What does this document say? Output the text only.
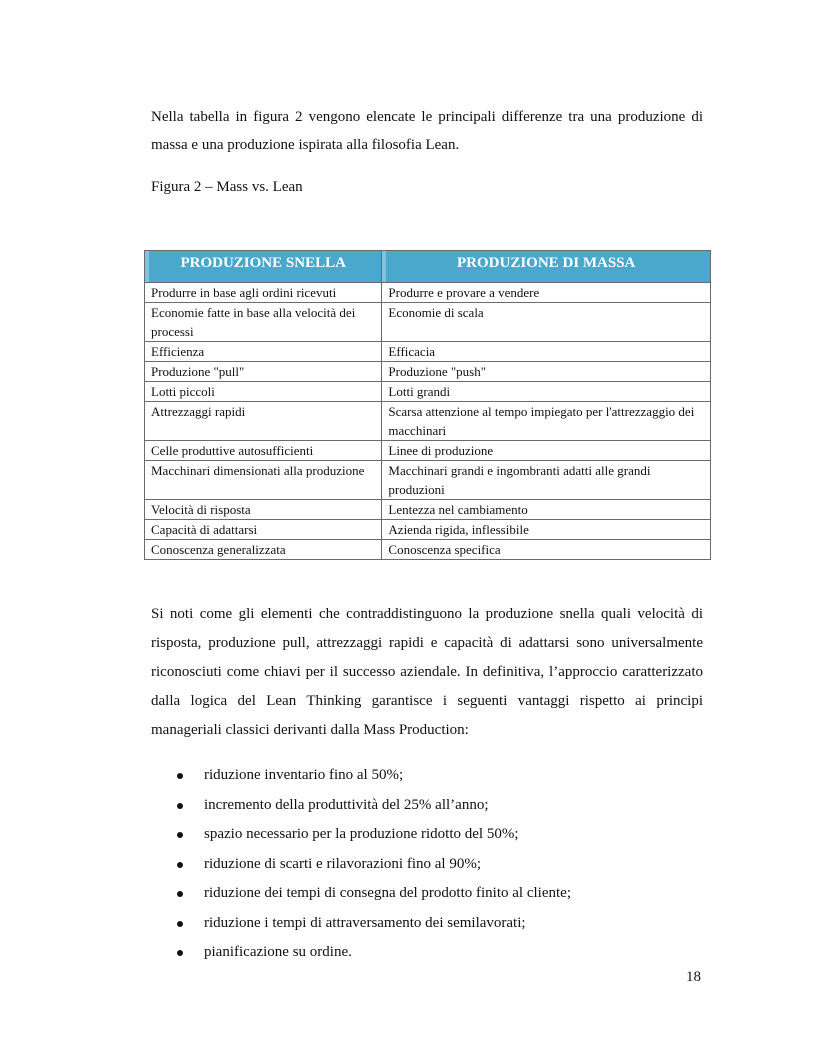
Nella tabella in figura 2 vengono elencate le principali differenze tra una produzione di massa e una produzione ispirata alla filosofia Lean.

Figura 2 – Mass vs. Lean
PRODUZIONE SNELLA	PRODUZIONE DI MASSA
Produrre in base agli ordini ricevuti	Produrre e provare a vendere
Economie fatte in base alla velocità dei processi	Economie di scala
Efficienza	Efficacia
Produzione "pull"	Produzione "push"
Lotti piccoli	Lotti grandi
Attrezzaggi rapidi	Scarsa attenzione al tempo impiegato per l'attrezzaggio dei macchinari
Celle produttive autosufficienti	Linee di produzione
Macchinari dimensionati alla produzione	Macchinari grandi e ingombranti adatti alle grandi produzioni
Velocità di risposta	Lentezza nel cambiamento
Capacità di adattarsi	Azienda rigida, inflessibile
Conoscenza generalizzata	Conoscenza specifica

Si noti come gli elementi che contraddistinguono la produzione snella quali velocità di risposta, produzione pull, attrezzaggi rapidi e capacità di adattarsi sono universalmente riconosciuti come chiavi per il successo aziendale. In definitiva, l’approccio caratterizzato dalla logica del Lean Thinking garantisce i seguenti vantaggi rispetto ai principi manageriali classici derivanti dalla Mass Production:

riduzione inventario fino al 50%;
incremento della produttività del 25% all’anno;
spazio necessario per la produzione ridotto del 50%;
riduzione di scarti e rilavorazioni fino al 90%;
riduzione dei tempi di consegna del prodotto finito al cliente;
riduzione i tempi di attraversamento dei semilavorati;
pianificazione su ordine.
18
